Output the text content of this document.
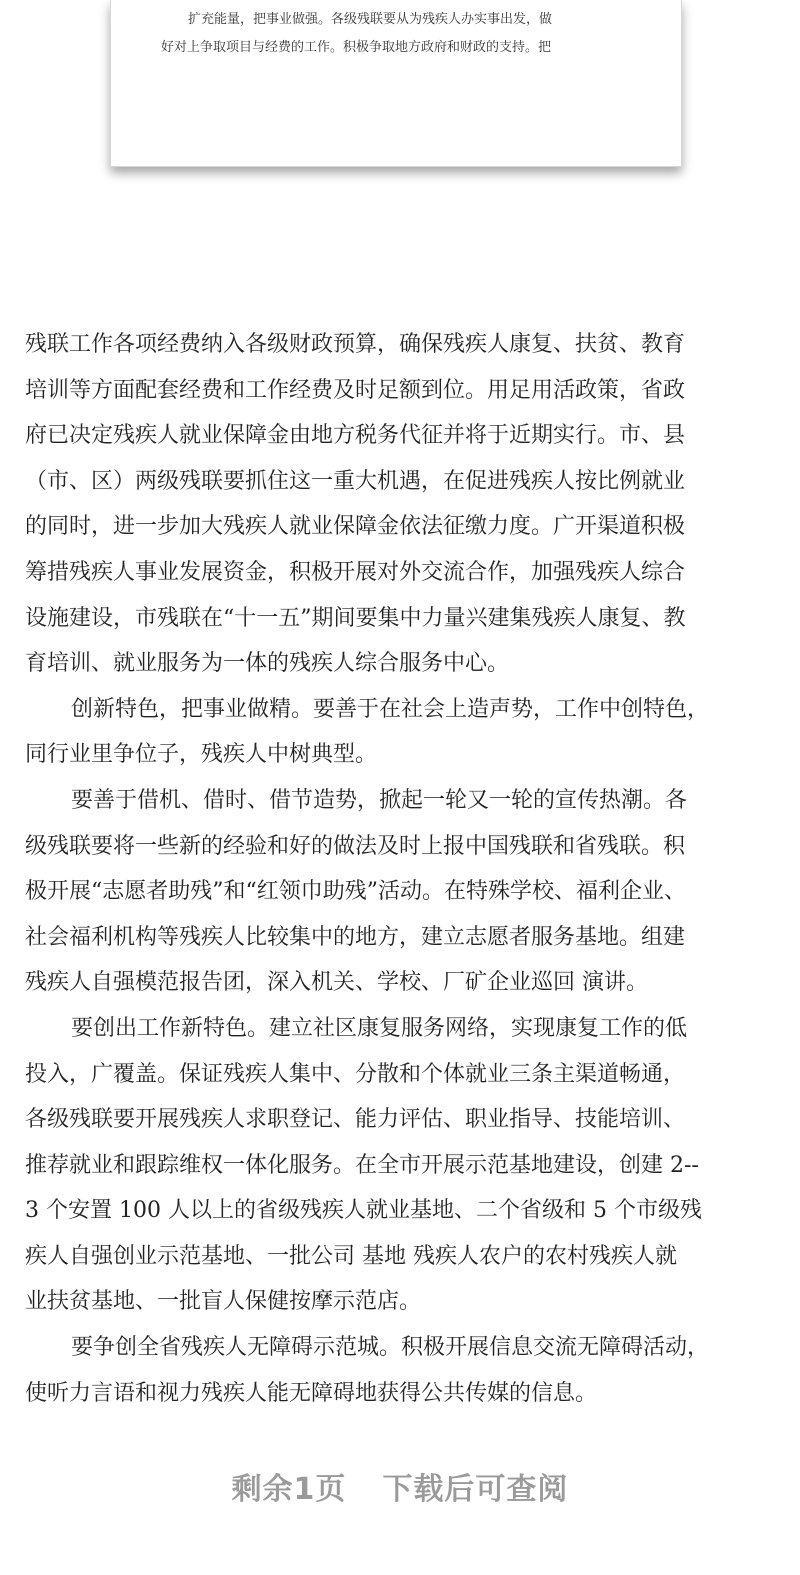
扩充能量，把事业做强。各级残联要从为残疾人办实事出发，做
好对上争取项目与经费的工作。积极争取地方政府和财政的支持。把
残联工作各项经费纳入各级财政预算，确保残疾人康复、扶贫、教育
培训等方面配套经费和工作经费及时足额到位。用足用活政策，省政
府已决定残疾人就业保障金由地方税务代征并将于近期实行。市、县
（市、区）两级残联要抓住这一重大机遇，在促进残疾人按比例就业
的同时，进一步加大残疾人就业保障金依法征缴力度。广开渠道积极
筹措残疾人事业发展资金，积极开展对外交流合作，加强残疾人综合
设施建设，市残联在“十一五”期间要集中力量兴建集残疾人康复、教
育培训、就业服务为一体的残疾人综合服务中心。
创新特色，把事业做精。要善于在社会上造声势，工作中创特色，
同行业里争位子，残疾人中树典型。
要善于借机、借时、借节造势，掀起一轮又一轮的宣传热潮。各
级残联要将一些新的经验和好的做法及时上报中国残联和省残联。积
极开展“志愿者助残”和“红领巾助残”活动。在特殊学校、福利企业、
社会福利机构等残疾人比较集中的地方，建立志愿者服务基地。组建
残疾人自强模范报告团，深入机关、学校、厂矿企业巡回 演讲。
要创出工作新特色。建立社区康复服务网络，实现康复工作的低
投入，广覆盖。保证残疾人集中、分散和个体就业三条主渠道畅通，
各级残联要开展残疾人求职登记、能力评估、职业指导、技能培训、
推荐就业和跟踪维权一体化服务。在全市开展示范基地建设，创建 2--
3 个安置 100 人以上的省级残疾人就业基地、二个省级和 5 个市级残
疾人自强创业示范基地、一批公司 基地 残疾人农户的农村残疾人就
业扶贫基地、一批盲人保健按摩示范店。
要争创全省残疾人无障碍示范城。积极开展信息交流无障碍活动，
使听力言语和视力残疾人能无障碍地获得公共传媒的信息。
剩余1页 下载后可查阅
